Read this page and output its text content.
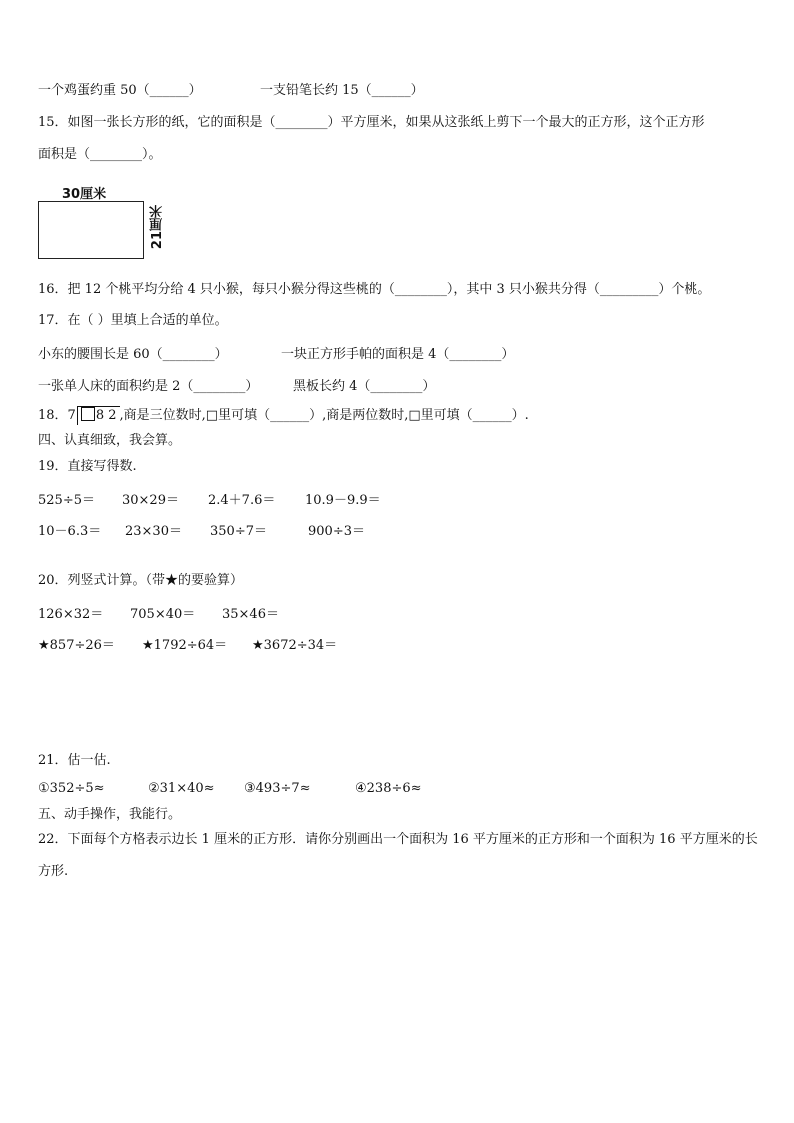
一个鸡蛋约重 50（______）	一支铅笔长约 15（______）
15．如图一张长方形的纸，它的面积是（________）平方厘米，如果从这张纸上剪下一个最大的正方形，这个正方形
面积是（________）。
30厘米
21厘米
16．把 12 个桃平均分给 4 只小猴，每只小猴分得这些桃的（________），其中 3 只小猴共分得（_________）个桃。
17．在（ ）里填上合适的单位。
小东的腰围长是 60（________）	一块正方形手帕的面积是 4（________）
一张单人床的面积约是 2（________）	黑板长约 4（________）
18．7 8 2 ,商是三位数时,□里可填（______）,商是两位数时,□里可填（______）.
四、认真细致，我会算。
19．直接写得数.
525÷5＝ 30×29＝ 2.4＋7.6＝ 10.9－9.9＝
10－6.3＝ 23×30＝ 350÷7＝	900÷3＝
20．列竖式计算。（带★的要验算）
126×32＝ 705×40＝ 35×46＝
★857÷26＝ ★1792÷64＝ ★3672÷34＝
21．估一估.
①352÷5≈	②31×40≈ ③493÷7≈	④238÷6≈
五、动手操作，我能行。
22．下面每个方格表示边长 1 厘米的正方形．请你分别画出一个面积为 16 平方厘米的正方形和一个面积为 16 平方厘米的长方形.
